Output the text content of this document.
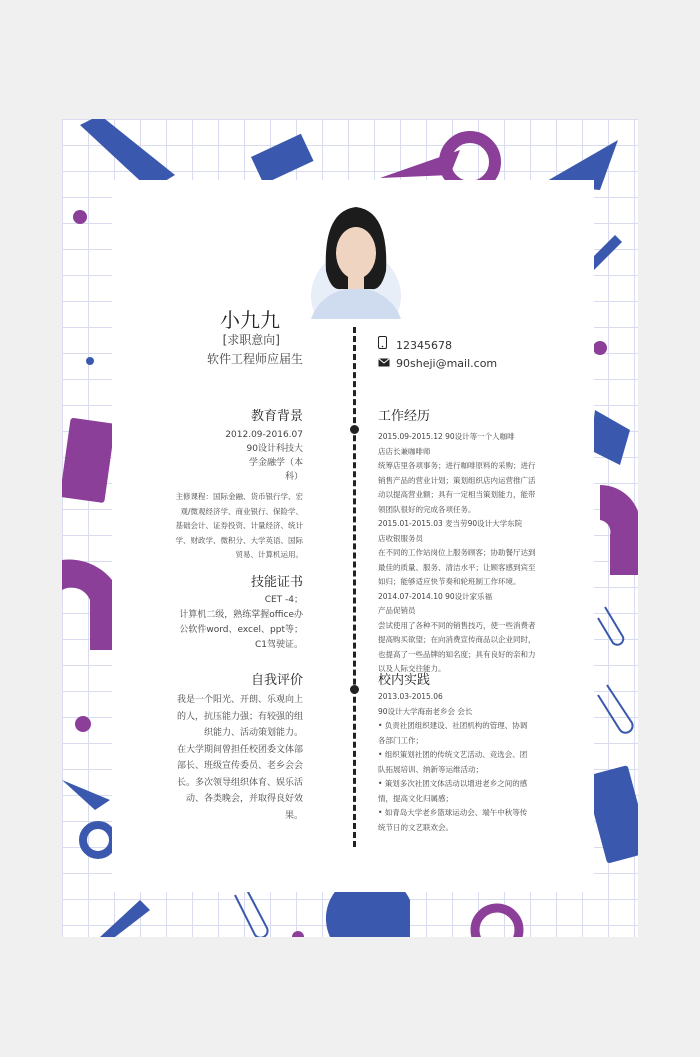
小九九
[求职意向]
软件工程师应届生
12345678
90sheji@mail.com
教育背景
2012.09-2016.07
90设计科技大
学金融学（本
科）
主修课程：国际金融、货币银行学、宏
观/微观经济学、商业银行、保险学、
基础会计、证券投资、计量经济、统计
学、财政学、微积分、大学英语、国际
贸易、计算机运用。
技能证书
CET -4；
计算机二级，熟练掌握office办
公软件word、excel、ppt等；
C1驾驶证。
自我评价
我是一个阳光、开朗、乐观向上
的人，抗压能力强；有较强的组
织能力、活动策划能力。
在大学期间曾担任校团委文体部
部长、班级宣传委员、老乡会会
长。多次领导组织体育、娱乐活
动、各类晚会，并取得良好效
果。
工作经历
2015.09-2015.12 90设计等一个人咖啡
店店长兼咖啡师
统筹店里各项事务；进行咖啡原料的采购；进行
销售产品的营业计划；策划组织店内运营推广活
动以提高营业额；具有一定相当策划能力，能带
领团队很好的完成各项任务。
2015.01-2015.03 麦当劳90设计大学东院
店收银服务员
在不同的工作站岗位上服务顾客；协助餐厅达到
最佳的质量、服务、清洁水平；让顾客感到宾至
如归；能够适应快节奏和轮班制工作环境。
2014.07-2014.10 90设计家乐福
产品促销员
尝试使用了各种不同的销售技巧，使一些消费者
提高购买欲望；在向消费宣传商品以企业同时，
也提高了一些品牌的知名度；具有良好的亲和力
以及人际交往能力。
校内实践
2013.03-2015.06
90设计大学海南老乡会 会长
• 负责社团组织建设、社团机构的管理、协调
各部门工作；
• 组织策划社团的传统文艺活动、竞选会、团
队拓展培训、纳新等运维活动；
• 策划多次社团文体活动以增进老乡之间的感
情，提高文化归属感；
• 如青岛大学老乡篮球运动会、端午中秋等传
统节日的文艺联欢会。
